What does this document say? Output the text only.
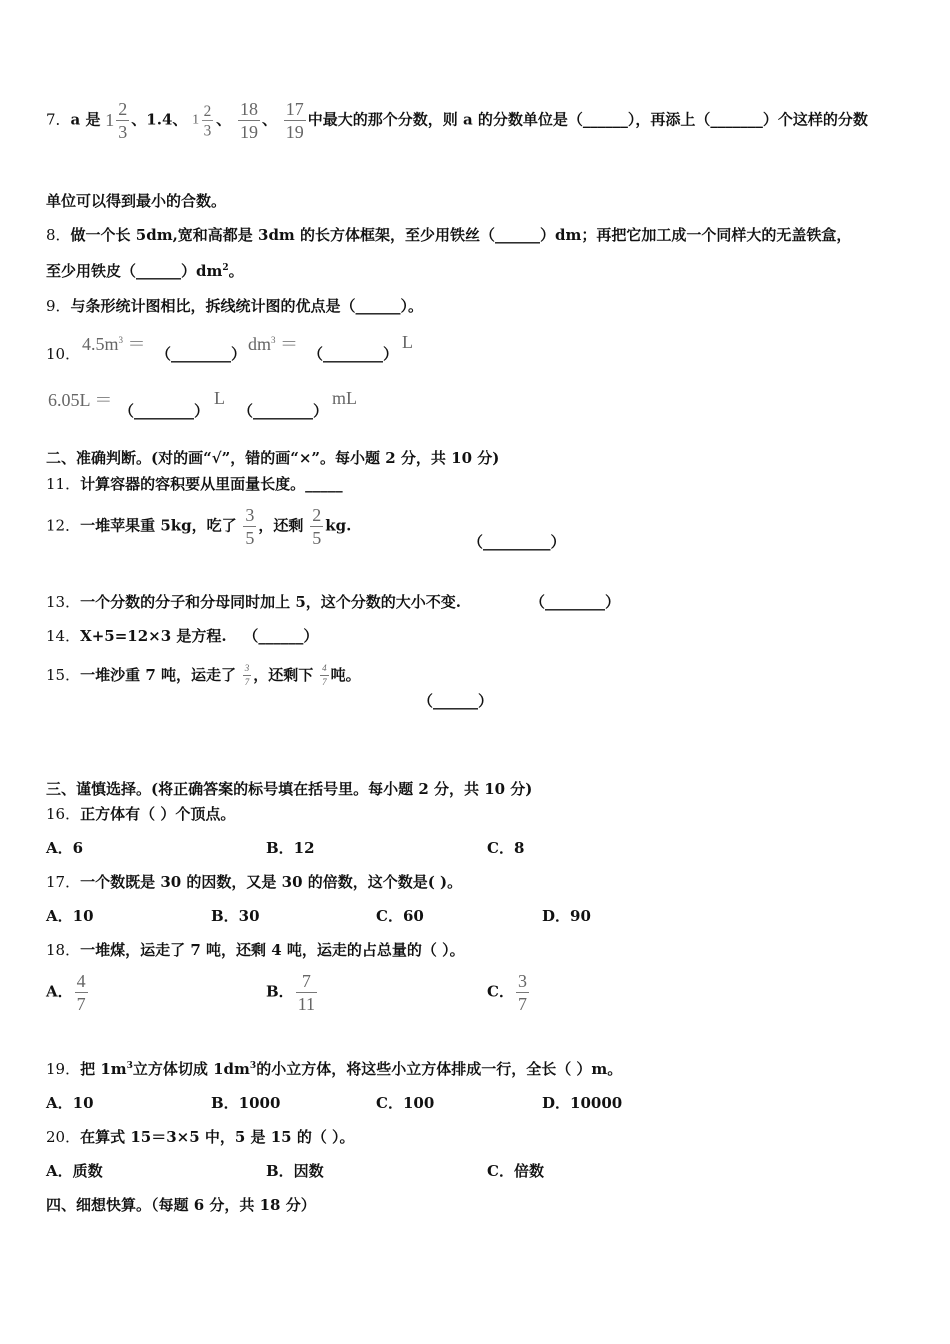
7．a 是 $1 \frac{2}{3}$ 、1.4、 $1 \frac{2}{3}$ 、 $\frac{18}{19}$ 、 $\frac{17}{19}$ 中最大的那个分数，则 a 的分数单位是（______），再添上（_______）个这样的分数
单位可以得到最小的合数。
8．做一个长 5dm,宽和高都是 3dm 的长方体框架，至少用铁丝（______）dm；再把它加工成一个同样大的无盖铁盒，
至少用铁皮$(\_\_\_\_\_\_)dm^2$。
9．与条形统计图相比，拆线统计图的优点是（______）。
10． $4.5m^3$ ＝ （________） $dm^3$ ＝ （________）
L
6.05L ＝
（________）
L
（________）
mL
二、准确判断。(对的画“√”，错的画“×”。每小题 2 分，共 10 分)
11．计算容器的容积要从里面量长度。_____
12．一堆苹果重 5kg，吃了 $\frac{3}{5}$ ，还剩 $\frac{2}{5}$ kg.
（_________）
13．一个分数的分子和分母同时加上 5，这个分数的大小不变.	（________）
14．X+5=12×3 是方程. （______）
15．一堆沙重 7 吨，运走了 $\frac{3}{7}$ ，还剩下 $\frac{4}{7}$ 吨。
（______）
三、谨慎选择。(将正确答案的标号填在括号里。每小题 2 分，共 10 分)
16．正方体有（ ）个顶点。
A．6	B．12	C．8
17．一个数既是 30 的因数，又是 30 的倍数，这个数是( )。
A．10	B．30	C．60	D．90
18．一堆煤，运走了 7 吨，还剩 4 吨，运走的占总量的（ ）。
A． $\frac{4}{7}$	B． $\frac{7}{11}$	C． $\frac{3}{7}$
19．把 $1m^3$立方体切成 $1dm^3$的小立方体，将这些小立方体排成一行，全长（ ）m。
A．10	B．1000	C．100	D．10000
20．在算式 15＝3×5 中，5 是 15 的（ ）。
A．质数	B．因数	C．倍数
四、细想快算。（每题 6 分，共 18 分）
